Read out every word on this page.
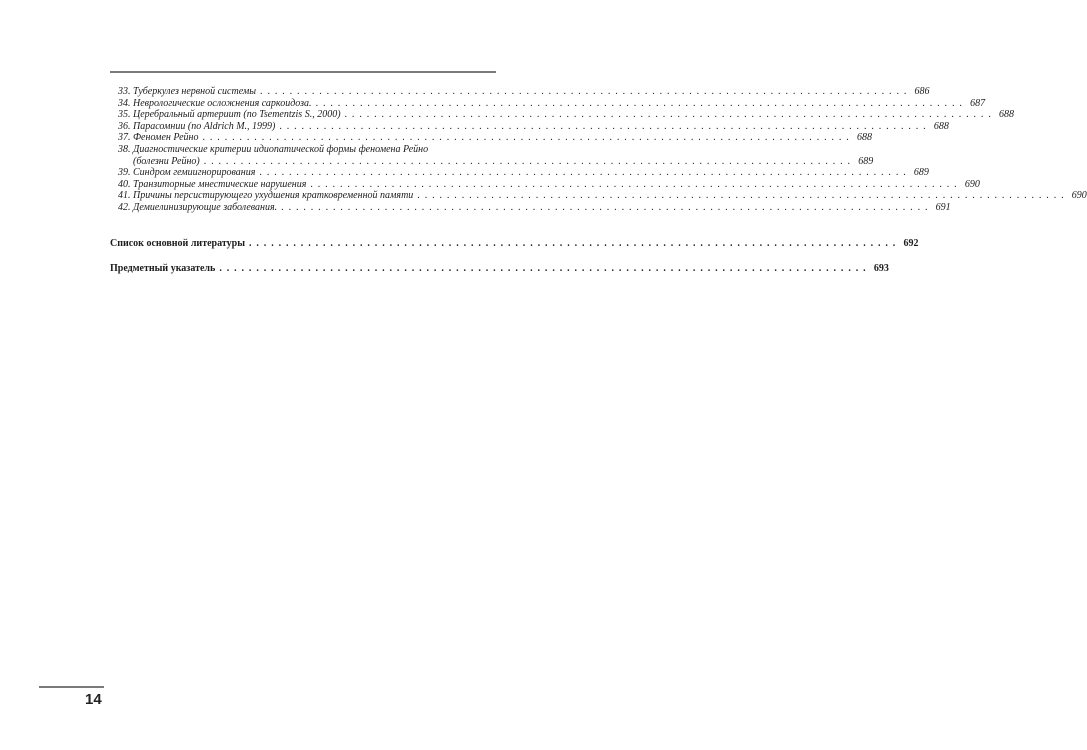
33. Туберкулез нервной системы . . .	686
34. Неврологические осложнения саркоидоза. . . .	687
35. Церебральный артериит (по Tsementzis S., 2000) . . .	688
36. Парасомнии (по Aldrich M., 1999) . . .	688
37. Феномен Рейно . . .	688
38. Диагностические критерии идиопатической формы феномена Рейно
(болезни Рейно) . . .	689
39. Синдром гемиигнорирования . . .	689
40. Транзиторные мнестические нарушения . . .	690
41. Причины персистирующего ухудшения кратковременной памяти . . .	690
42. Демиелинизирующие заболевания. . . .	691
Список основной литературы . . .	692
Предметный указатель . . .	693
14
